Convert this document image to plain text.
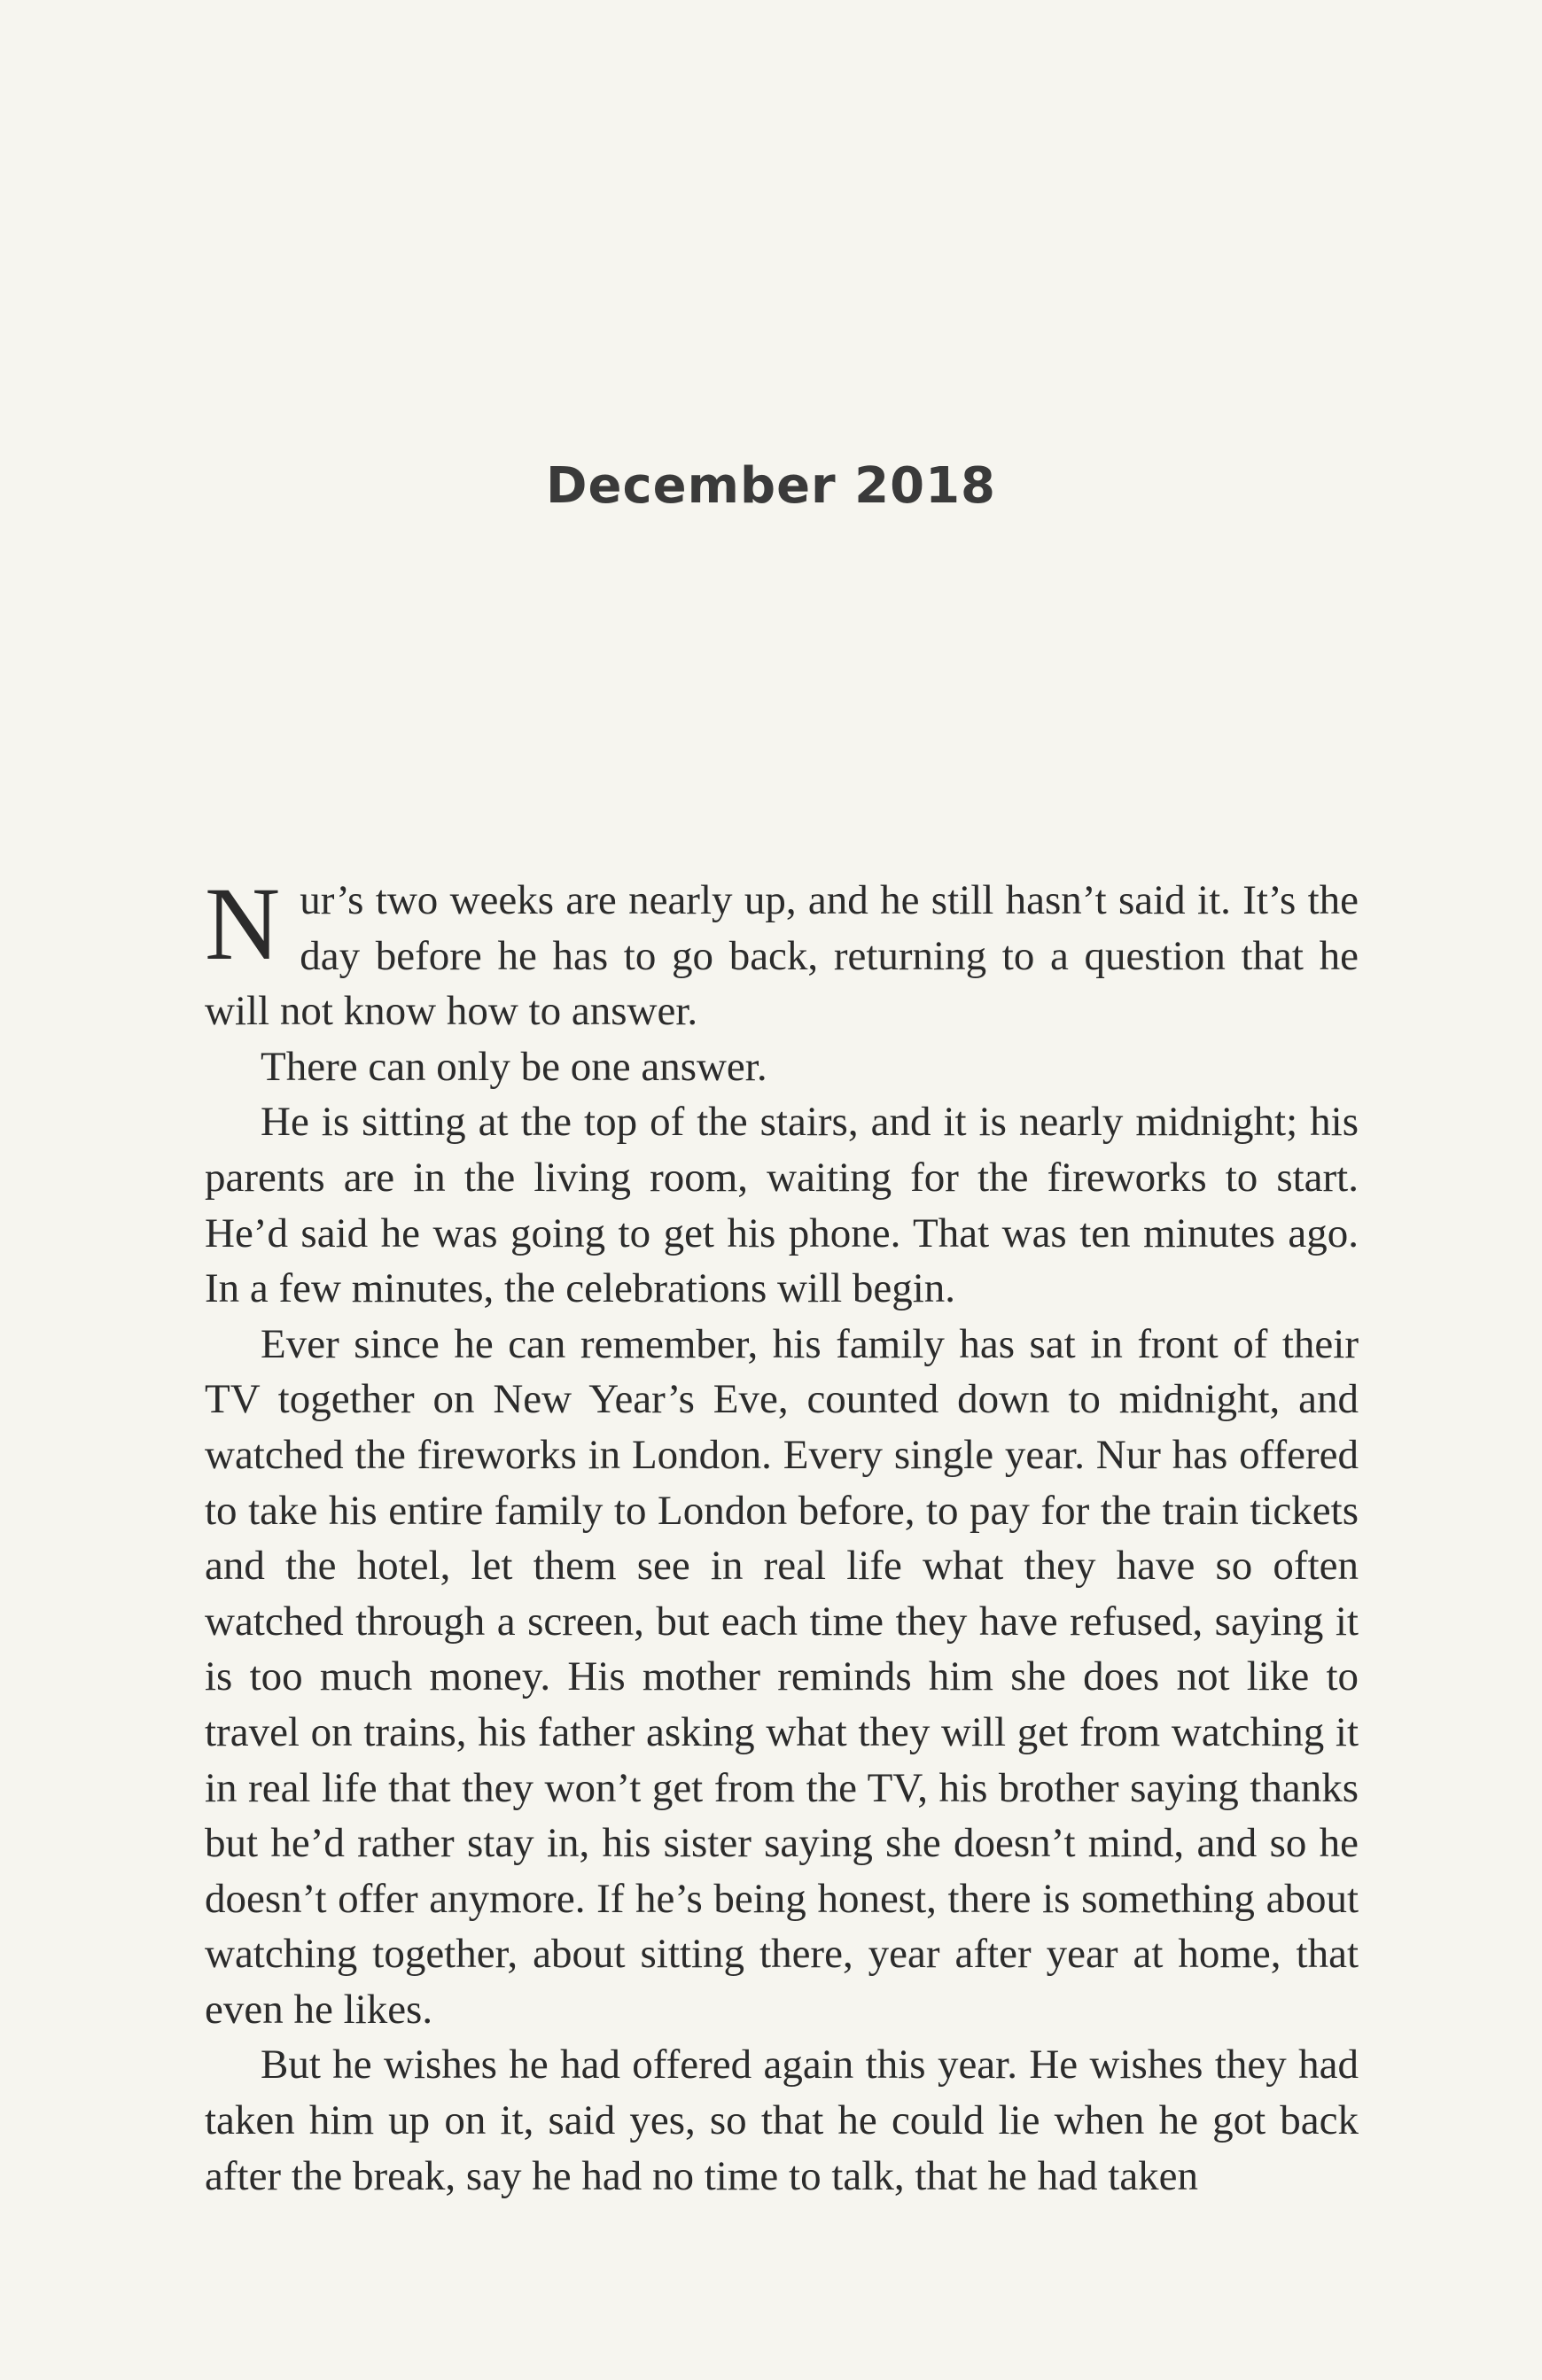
December 2018

Nur’s two weeks are nearly up, and he still hasn’t said it. It’s the day before he has to go back, returning to a question that he will not know how to answer.

There can only be one answer.

He is sitting at the top of the stairs, and it is nearly midnight; his parents are in the living room, waiting for the fireworks to start. He’d said he was going to get his phone. That was ten minutes ago. In a few minutes, the celebrations will begin.

Ever since he can remember, his family has sat in front of their TV together on New Year’s Eve, counted down to midnight, and watched the fireworks in London. Every single year. Nur has offered to take his entire family to London before, to pay for the train tickets and the hotel, let them see in real life what they have so often watched through a screen, but each time they have refused, saying it is too much money. His mother reminds him she does not like to travel on trains, his father asking what they will get from watching it in real life that they won’t get from the TV, his brother saying thanks but he’d rather stay in, his sister saying she doesn’t mind, and so he doesn’t offer anymore. If he’s being honest, there is something about watching together, about sitting there, year after year at home, that even he likes.

But he wishes he had offered again this year. He wishes they had taken him up on it, said yes, so that he could lie when he got back after the break, say he had no time to talk, that he had taken
